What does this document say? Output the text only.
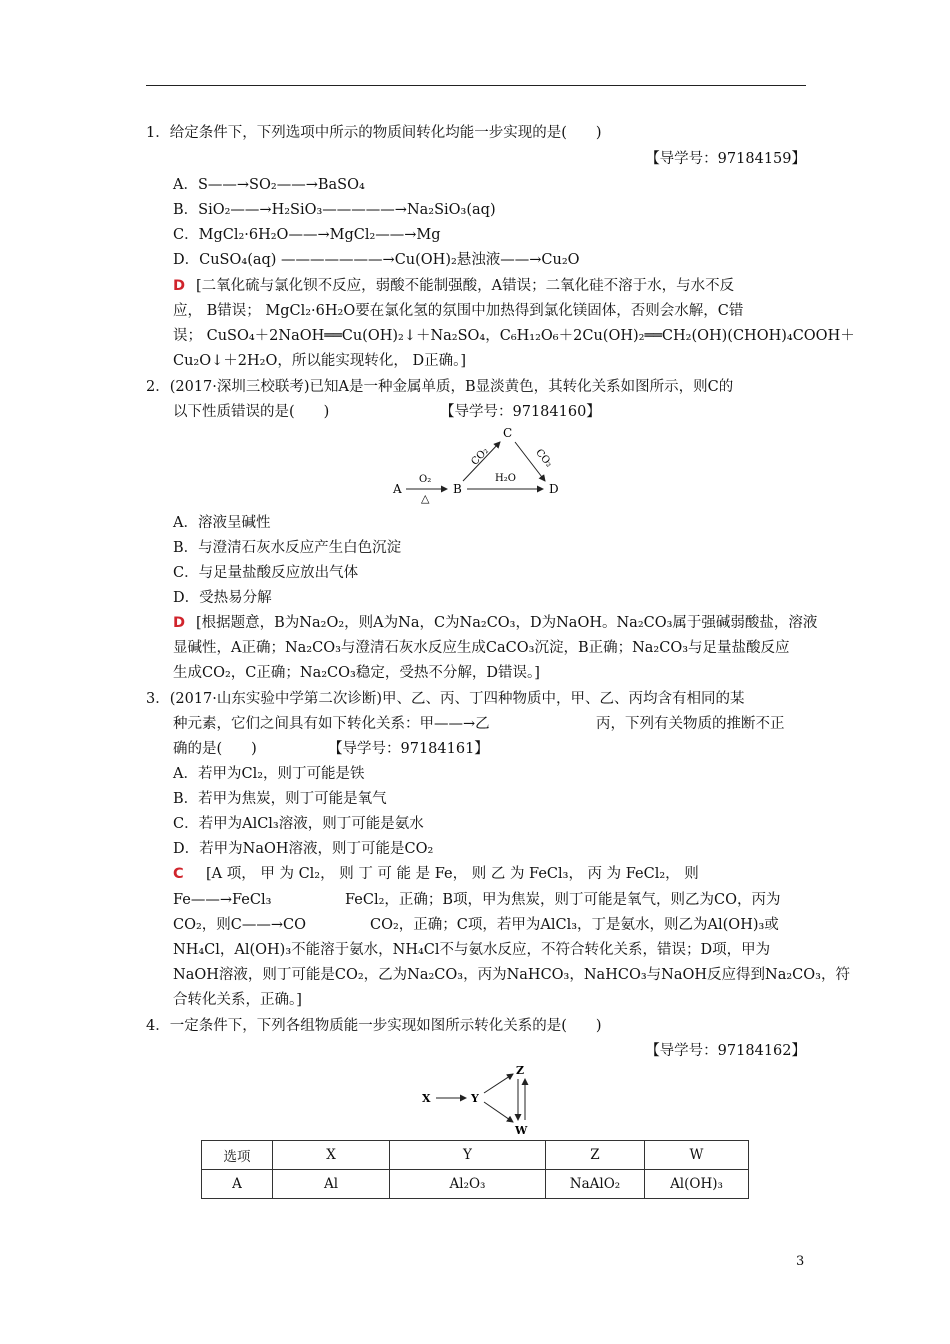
1．给定条件下，下列选项中所示的物质间转化均能一步实现的是(　　)
【导学号：97184159】
A．S——→SO₂——→BaSO₄
B．SiO₂——→H₂SiO₃—————→Na₂SiO₃(aq)
C．MgCl₂·6H₂O——→MgCl₂——→Mg
D．CuSO₄(aq) ———————→Cu(OH)₂悬浊液——→Cu₂O
D [二氧化硫与氯化钡不反应，弱酸不能制强酸，A错误；二氧化硅不溶于水，与水不反
应， B错误； MgCl₂·6H₂O要在氯化氢的氛围中加热得到氯化镁固体，否则会水解，C错
误； CuSO₄＋2NaOH══Cu(OH)₂↓＋Na₂SO₄，C₆H₁₂O₆＋2Cu(OH)₂══CH₂(OH)(CHOH)₄COOH＋
Cu₂O↓＋2H₂O，所以能实现转化， D正确。]
2．(2017·深圳三校联考)已知A是一种金属单质，B显淡黄色，其转化关系如图所示，则C的
以下性质错误的是(　　)	【导学号：97184160】
A
O₂
△
B
C
CO₂	CO₂
H₂O
D
A．溶液呈碱性
B．与澄清石灰水反应产生白色沉淀
C．与足量盐酸反应放出气体
D．受热易分解
D [根据题意，B为Na₂O₂，则A为Na，C为Na₂CO₃，D为NaOH。Na₂CO₃属于强碱弱酸盐，溶液
显碱性，A正确；Na₂CO₃与澄清石灰水反应生成CaCO₃沉淀，B正确；Na₂CO₃与足量盐酸反应
生成CO₂，C正确；Na₂CO₃稳定，受热不分解，D错误。]
3．(2017·山东实验中学第二次诊断)甲、乙、丙、丁四种物质中，甲、乙、丙均含有相同的某
种元素，它们之间具有如下转化关系：甲——→乙	丙，下列有关物质的推断不正
确的是(　　)	【导学号：97184161】
A．若甲为Cl₂，则丁可能是铁
B．若甲为焦炭，则丁可能是氧气
C．若甲为AlCl₃溶液，则丁可能是氨水
D．若甲为NaOH溶液，则丁可能是CO₂
C [A 项， 甲 为 Cl₂， 则 丁 可 能 是 Fe， 则 乙 为 FeCl₃， 丙 为 FeCl₂， 则
Fe——→FeCl₃	FeCl₂，正确；B项，甲为焦炭，则丁可能是氧气，则乙为CO，丙为
CO₂，则C——→CO	CO₂，正确；C项，若甲为AlCl₃，丁是氨水，则乙为Al(OH)₃或
NH₄Cl，Al(OH)₃不能溶于氨水，NH₄Cl不与氨水反应，不符合转化关系，错误；D项，甲为
NaOH溶液，则丁可能是CO₂，乙为Na₂CO₃，丙为NaHCO₃，NaHCO₃与NaOH反应得到Na₂CO₃，符
合转化关系，正确。]
4．一定条件下，下列各组物质能一步实现如图所示转化关系的是(　　)
【导学号：97184162】
X	Y
Z
W
选项	X	Y	Z	W
A	Al	Al₂O₃	NaAlO₂	Al(OH)₃
3
